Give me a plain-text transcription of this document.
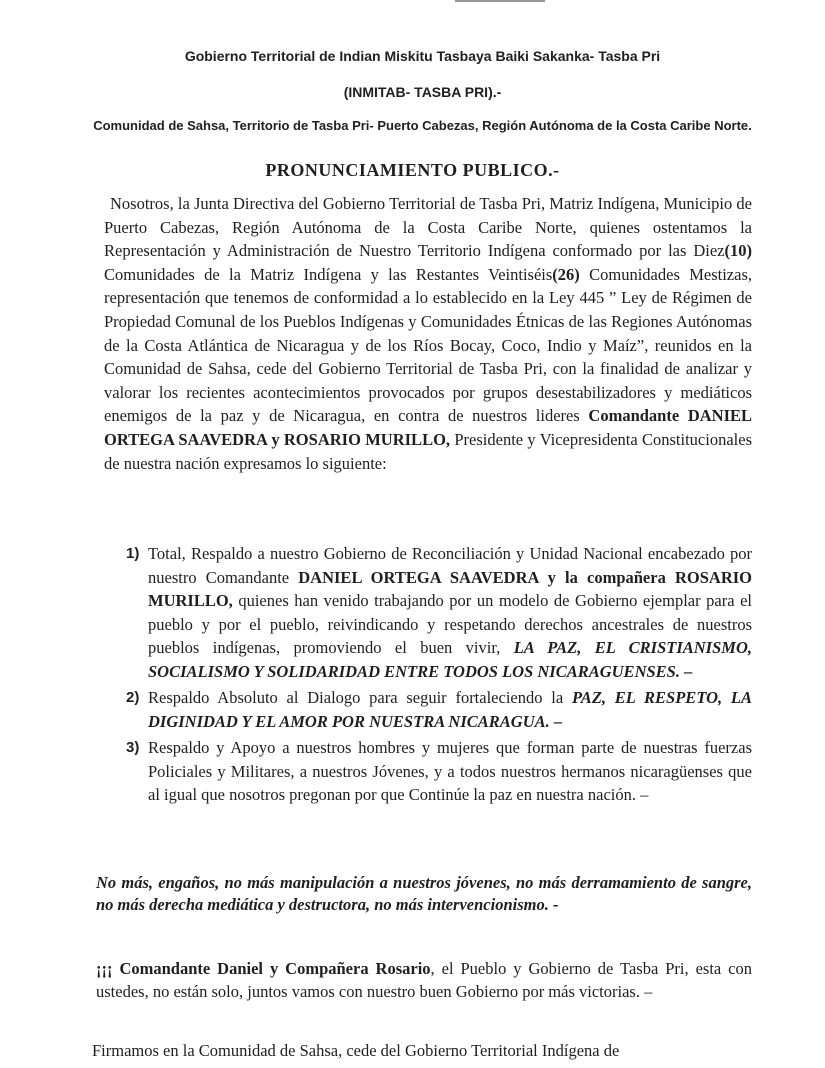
Gobierno Territorial de Indian Miskitu Tasbaya Baiki Sakanka- Tasba Pri
(INMITAB- TASBA PRI).-
Comunidad de Sahsa, Territorio de Tasba Pri- Puerto Cabezas, Región Autónoma de la Costa Caribe Norte.
PRONUNCIAMIENTO PUBLICO.-
Nosotros, la Junta Directiva del Gobierno Territorial de Tasba Pri, Matriz Indígena, Municipio de Puerto Cabezas, Región Autónoma de la Costa Caribe Norte, quienes ostentamos la Representación y Administración de Nuestro Territorio Indígena conformado por las Diez(10) Comunidades de la Matriz Indígena y las Restantes Veintiséis(26) Comunidades Mestizas, representación que tenemos de conformidad a lo establecido en la Ley 445 ” Ley de Régimen de Propiedad Comunal de los Pueblos Indígenas y Comunidades Étnicas de las Regiones Autónomas de la Costa Atlántica de Nicaragua y de los Ríos Bocay, Coco, Indio y Maíz”, reunidos en la Comunidad de Sahsa, cede del Gobierno Territorial de Tasba Pri, con la finalidad de analizar y valorar los recientes acontecimientos provocados por grupos desestabilizadores y mediáticos enemigos de la paz y de Nicaragua, en contra de nuestros lideres Comandante DANIEL ORTEGA SAAVEDRA y ROSARIO MURILLO, Presidente y Vicepresidenta Constitucionales de nuestra nación expresamos lo siguiente:
1) Total, Respaldo a nuestro Gobierno de Reconciliación y Unidad Nacional encabezado por nuestro Comandante DANIEL ORTEGA SAAVEDRA y la compañera ROSARIO MURILLO, quienes han venido trabajando por un modelo de Gobierno ejemplar para el pueblo y por el pueblo, reivindicando y respetando derechos ancestrales de nuestros pueblos indígenas, promoviendo el buen vivir, LA PAZ, EL CRISTIANISMO, SOCIALISMO Y SOLIDARIDAD ENTRE TODOS LOS NICARAGUENSES. –
2) Respaldo Absoluto al Dialogo para seguir fortaleciendo la PAZ, EL RESPETO, LA DIGINIDAD Y EL AMOR POR NUESTRA NICARAGUA. –
3) Respaldo y Apoyo a nuestros hombres y mujeres que forman parte de nuestras fuerzas Policiales y Militares, a nuestros Jóvenes, y a todos nuestros hermanos nicaragüenses que al igual que nosotros pregonan por que Continúe la paz en nuestra nación. –
No más, engaños, no más manipulación a nuestros jóvenes, no más derramamiento de sangre, no más derecha mediática y destructora, no más intervencionismo. -
¡¡¡ Comandante Daniel y Compañera Rosario, el Pueblo y Gobierno de Tasba Pri, esta con ustedes, no están solo, juntos vamos con nuestro buen Gobierno por más victorias. –
Firmamos en la Comunidad de Sahsa, cede del Gobierno Territorial Indígena de
